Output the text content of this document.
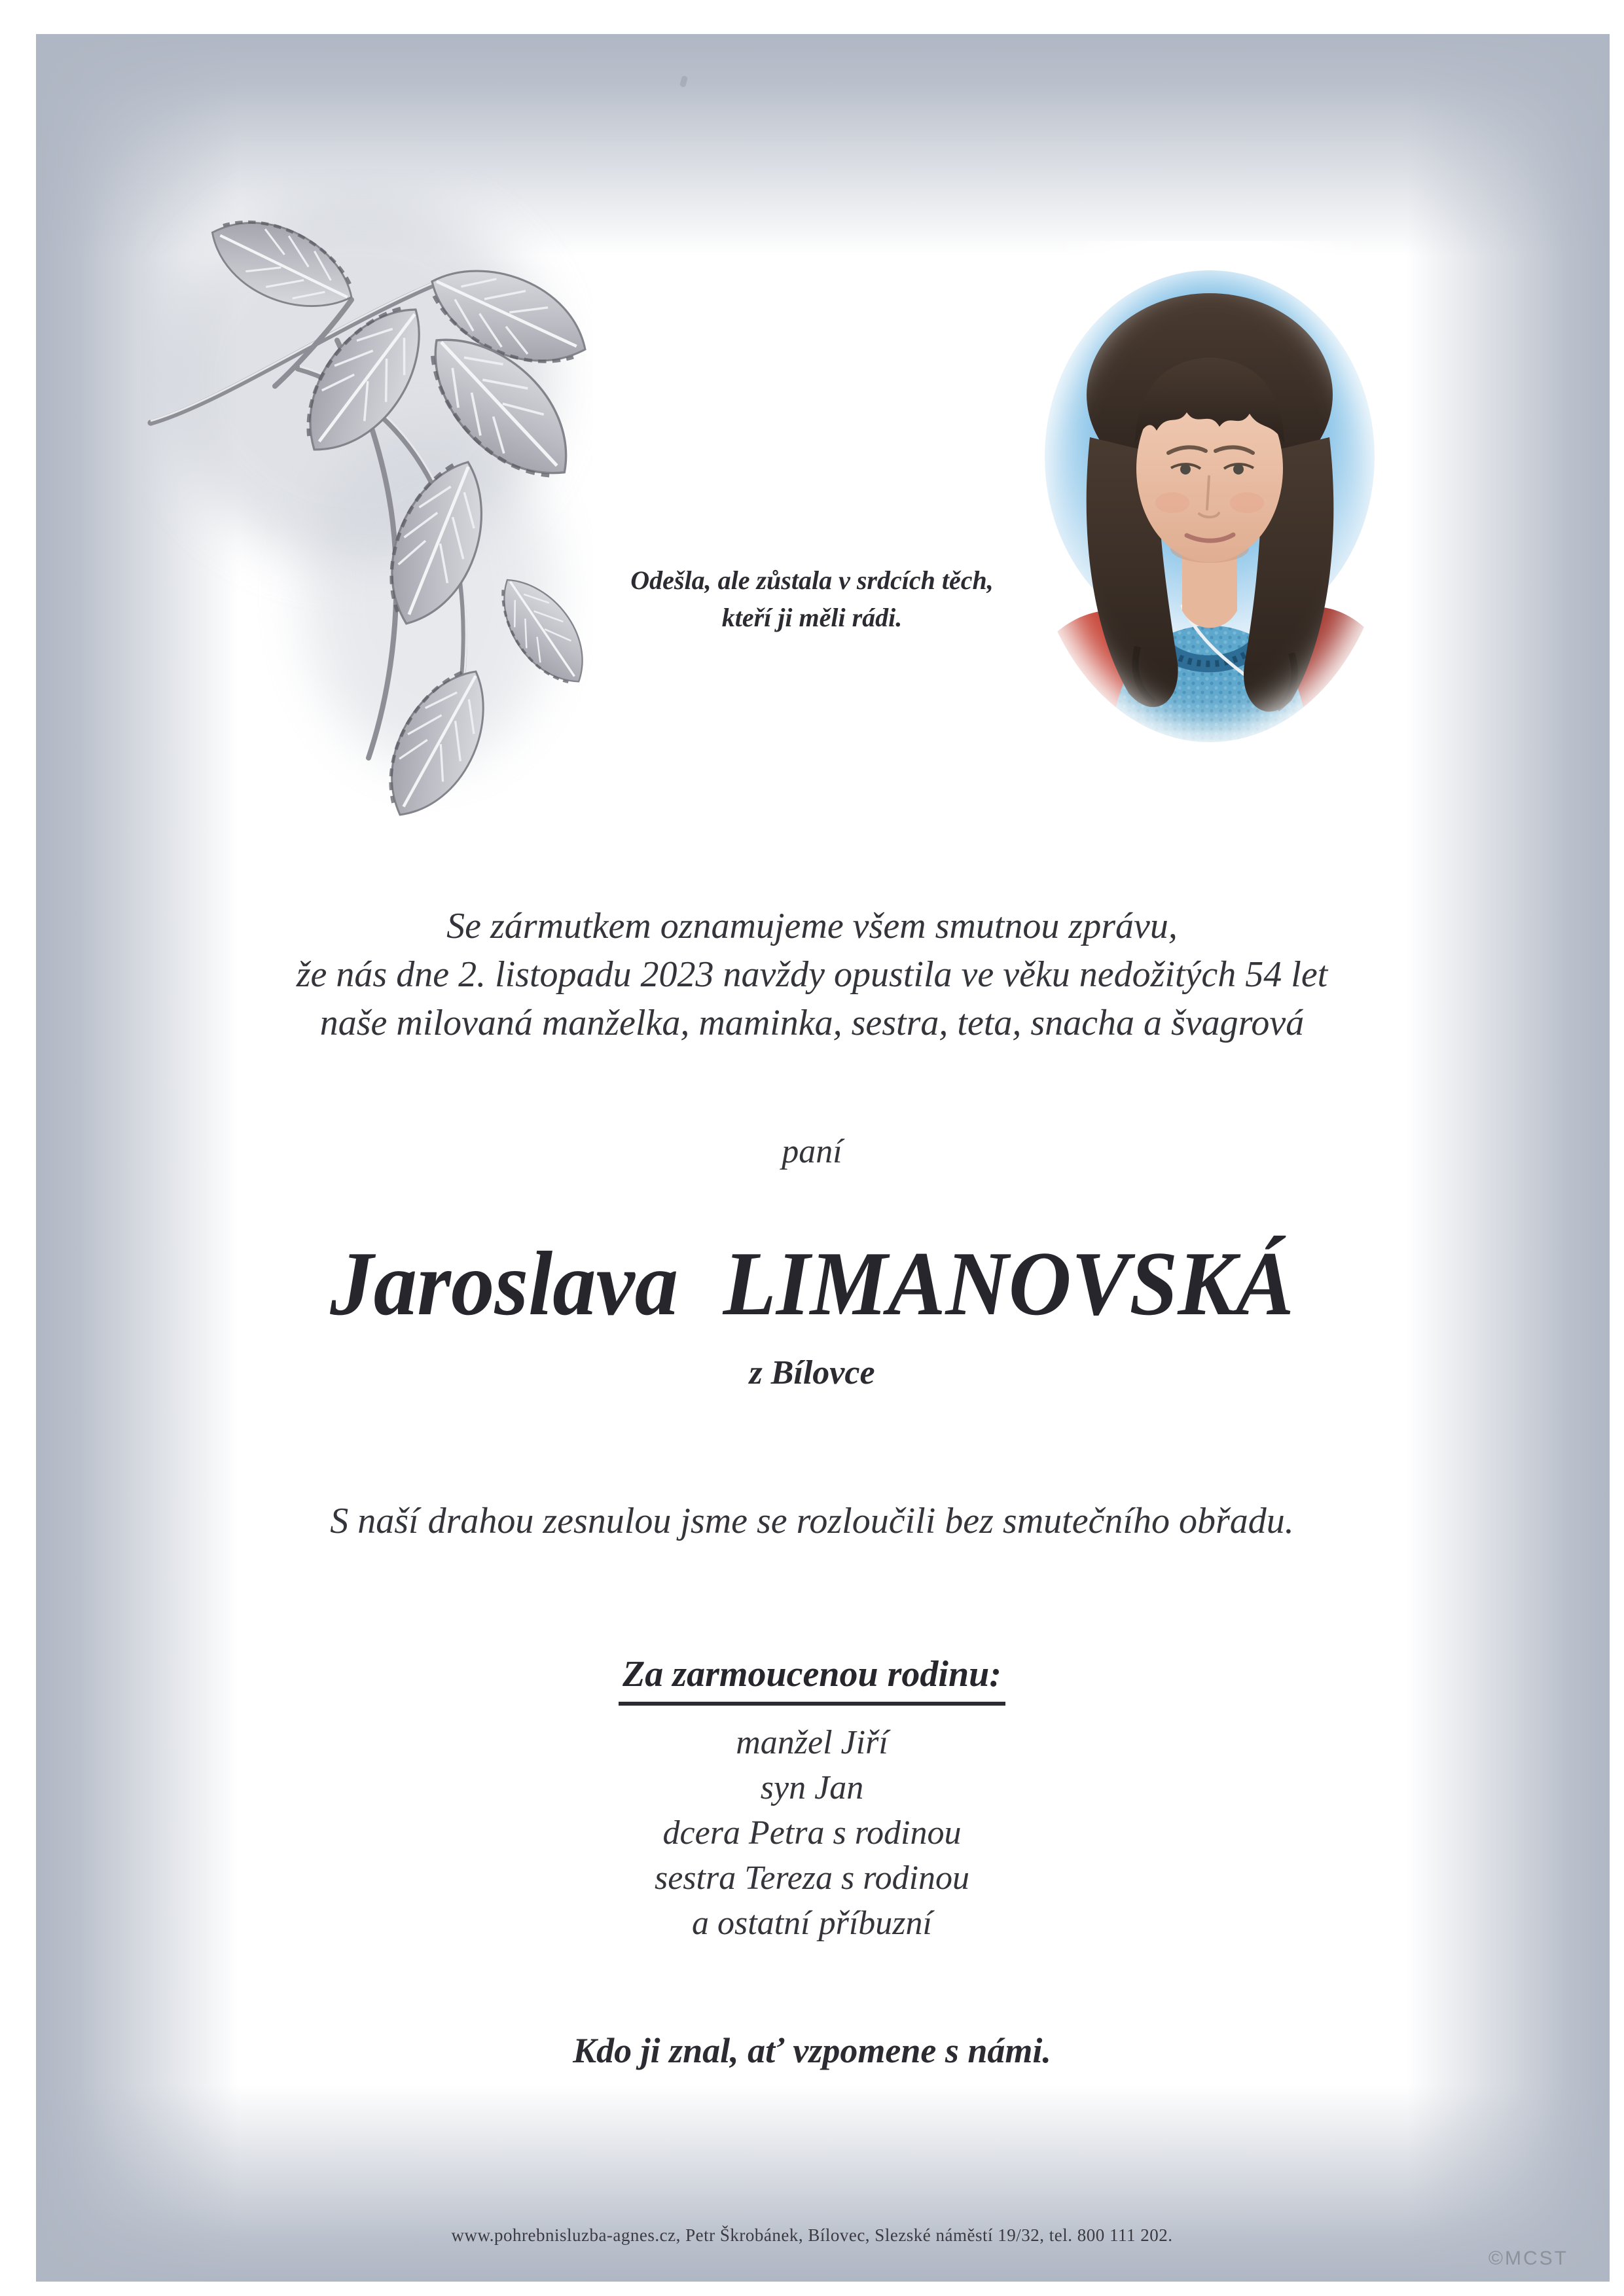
Odešla, ale zůstala v srdcích těch,
kteří ji měli rádi.
Se zármutkem oznamujeme všem smutnou zprávu,
že nás dne 2. listopadu 2023 navždy opustila ve věku nedožitých 54 let
naše milovaná manželka, maminka, sestra, teta, snacha a švagrová
paní
Jaroslava LIMANOVSKÁ
z Bílovce
S naší drahou zesnulou jsme se rozloučili bez smutečního obřadu.
Za zarmoucenou rodinu:
manžel Jiří
syn Jan
dcera Petra s rodinou
sestra Tereza s rodinou
a ostatní příbuzní
Kdo ji znal, ať vzpomene s námi.
www.pohrebnisluzba-agnes.cz, Petr Škrobánek, Bílovec, Slezské náměstí 19/32, tel. 800 111 202.
©MCST
